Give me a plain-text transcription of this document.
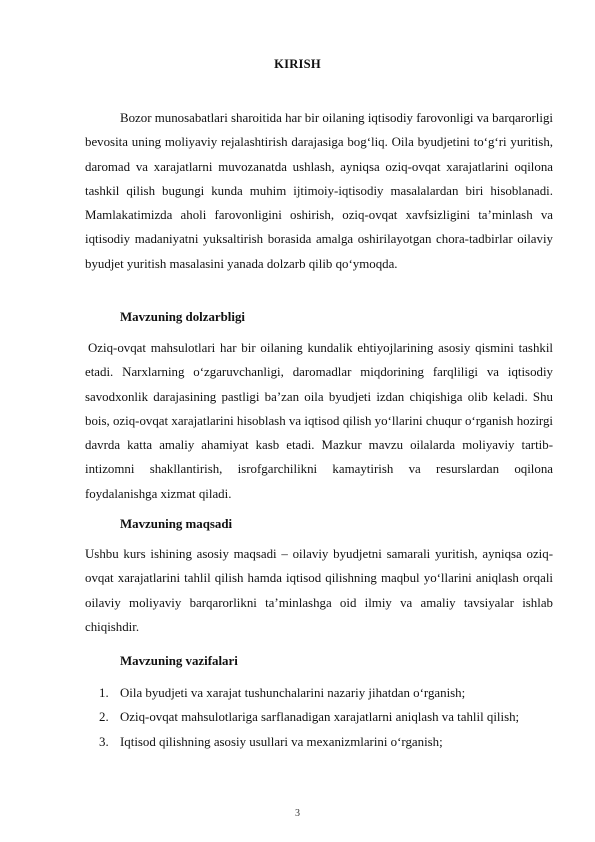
KIRISH
Bozor munosabatlari sharoitida har bir oilaning iqtisodiy farovonligi va barqarorligi bevosita uning moliyaviy rejalashtirish darajasiga bog‘liq. Oila byudjetini to‘g‘ri yuritish, daromad va xarajatlarni muvozanatda ushlash, ayniqsa oziq-ovqat xarajatlarini oqilona tashkil qilish bugungi kunda muhim ijtimoiy-iqtisodiy masalalardan biri hisoblanadi. Mamlakatimizda aholi farovonligini oshirish, oziq-ovqat xavfsizligini ta’minlash va iqtisodiy madaniyatni yuksaltirish borasida amalga oshirilayotgan chora-tadbirlar oilaviy byudjet yuritish masalasini yanada dolzarb qilib qo‘ymoqda.
Mavzuning dolzarbligi
Oziq-ovqat mahsulotlari har bir oilaning kundalik ehtiyojlarining asosiy qismini tashkil etadi. Narxlarning o‘zgaruvchanligi, daromadlar miqdorining farqliligi va iqtisodiy savodxonlik darajasining pastligi ba’zan oila byudjeti izdan chiqishiga olib keladi. Shu bois, oziq-ovqat xarajatlarini hisoblash va iqtisod qilish yo‘llarini chuqur o‘rganish hozirgi davrda katta amaliy ahamiyat kasb etadi. Mazkur mavzu oilalarda moliyaviy tartib-intizomni shakllantirish, isrofgarchilikni kamaytirish va resurslardan oqilona foydalanishga xizmat qiladi.
Mavzuning maqsadi
Ushbu kurs ishining asosiy maqsadi – oilaviy byudjetni samarali yuritish, ayniqsa oziq-ovqat xarajatlarini tahlil qilish hamda iqtisod qilishning maqbul yo‘llarini aniqlash orqali oilaviy moliyaviy barqarorlikni ta’minlashga oid ilmiy va amaliy tavsiyalar ishlab chiqishdir.
Mavzuning vazifalari
1. Oila byudjeti va xarajat tushunchalarini nazariy jihatdan o‘rganish;
2. Oziq-ovqat mahsulotlariga sarflanadigan xarajatlarni aniqlash va tahlil qilish;
3. Iqtisod qilishning asosiy usullari va mexanizmlarini o‘rganish;
3
